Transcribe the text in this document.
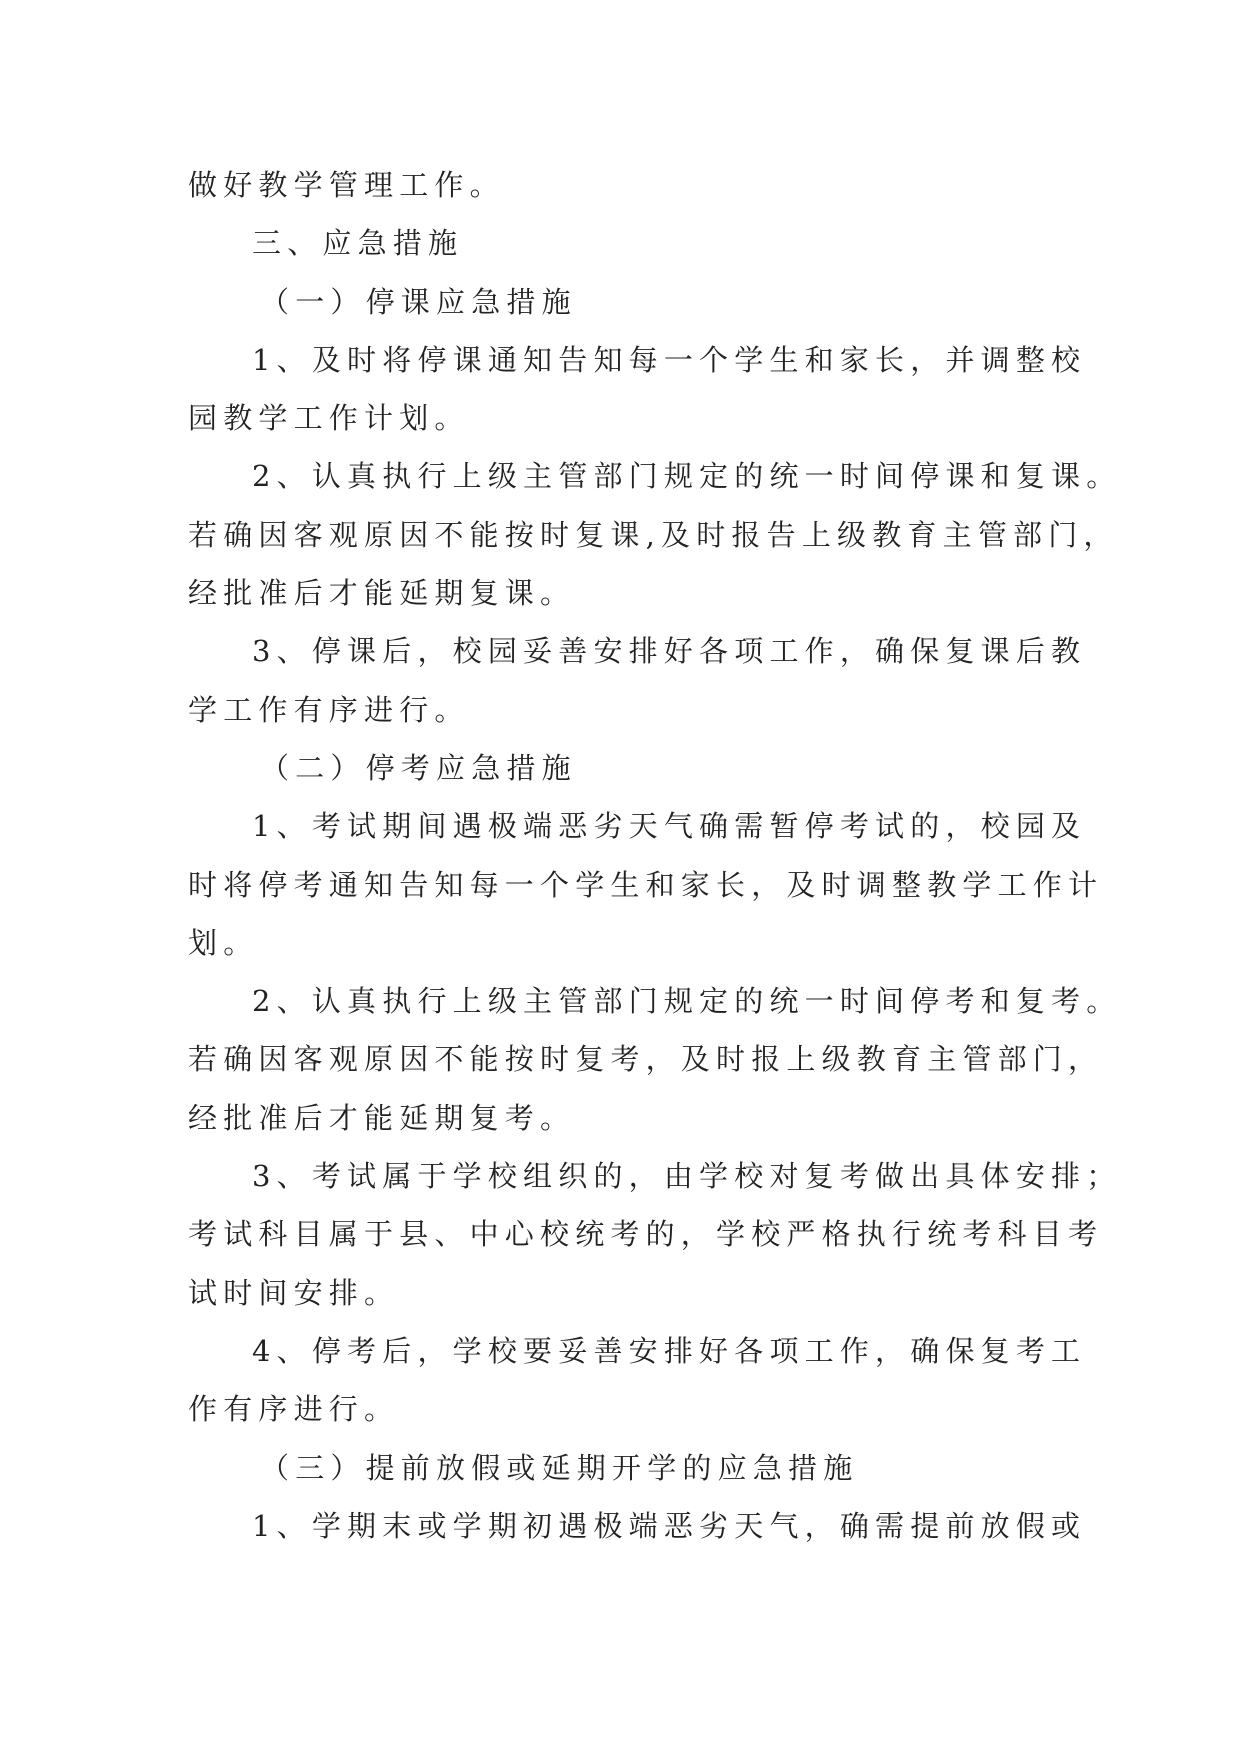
做好教学管理工作。
三、应急措施
（一）停课应急措施
1、及时将停课通知告知每一个学生和家长，并调整校
园教学工作计划。
2、认真执行上级主管部门规定的统一时间停课和复课。
若确因客观原因不能按时复课,及时报告上级教育主管部门，
经批准后才能延期复课。
3、停课后，校园妥善安排好各项工作，确保复课后教
学工作有序进行。
（二）停考应急措施
1、考试期间遇极端恶劣天气确需暂停考试的，校园及
时将停考通知告知每一个学生和家长，及时调整教学工作计
划。
2、认真执行上级主管部门规定的统一时间停考和复考。
若确因客观原因不能按时复考，及时报上级教育主管部门，
经批准后才能延期复考。
3、考试属于学校组织的，由学校对复考做出具体安排；
考试科目属于县、中心校统考的，学校严格执行统考科目考
试时间安排。
4、停考后，学校要妥善安排好各项工作，确保复考工
作有序进行。
（三）提前放假或延期开学的应急措施
1、学期末或学期初遇极端恶劣天气，确需提前放假或
